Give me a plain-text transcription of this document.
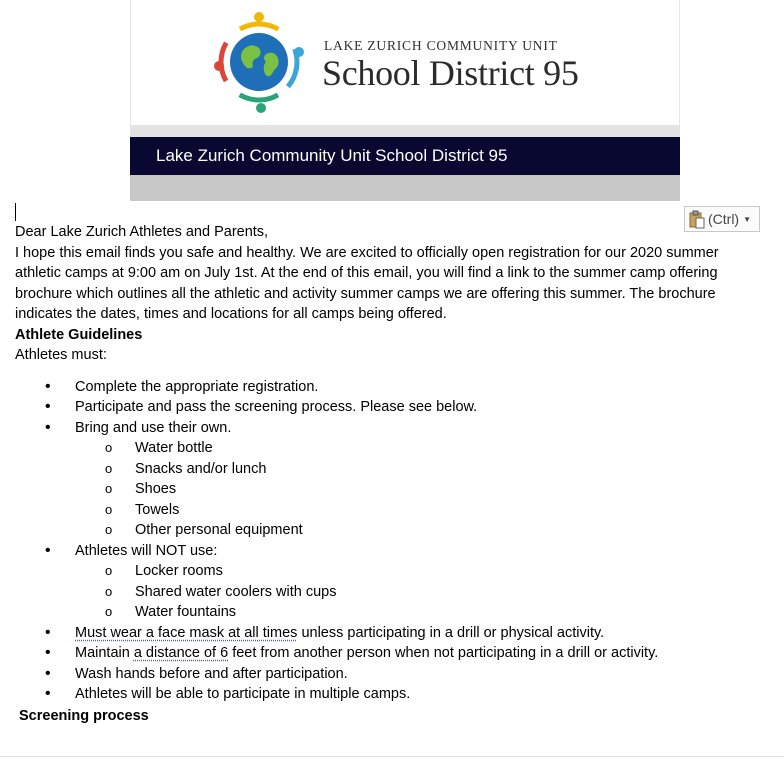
LAKE ZURICH COMMUNITY UNIT
School District 95
Lake Zurich Community Unit School District 95
(Ctrl) ▼

Dear Lake Zurich Athletes and Parents,

I hope this email finds you safe and healthy. We are excited to officially open registration for our 2020 summer

athletic camps at 9:00 am on July 1st. At the end of this email, you will find a link to the summer camp offering

brochure which outlines all the athletic and activity summer camps we are offering this summer. The brochure

indicates the dates, times and locations for all camps being offered.

Athlete Guidelines

Athletes must:

• Complete the appropriate registration.
• Participate and pass the screening process. Please see below.
• Bring and use their own.
o Water bottle
o Snacks and/or lunch
o Shoes
o Towels
o Other personal equipment
• Athletes will NOT use:
o Locker rooms
o Shared water coolers with cups
o Water fountains
• Must wear a face mask at all times unless participating in a drill or physical activity.
• Maintain a distance of 6 feet from another person when not participating in a drill or activity.
• Wash hands before and after participation.
• Athletes will be able to participate in multiple camps.

Screening process
